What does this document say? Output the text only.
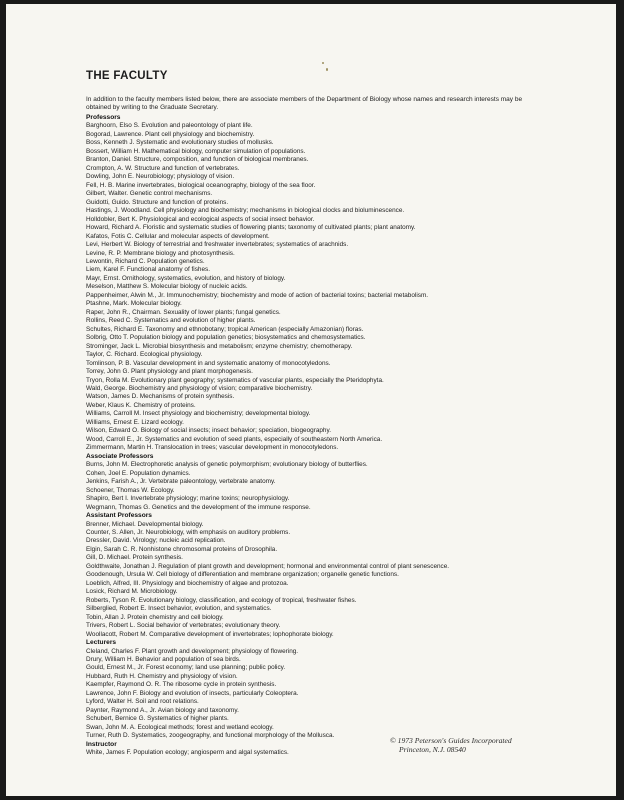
THE FACULTY

In addition to the faculty members listed below, there are associate members of the Department of Biology whose names and research interests may be obtained by writing to the Graduate Secretary.

Professors
Barghoorn, Elso S. Evolution and paleontology of plant life.
Bogorad, Lawrence. Plant cell physiology and biochemistry.
Boss, Kenneth J. Systematic and evolutionary studies of mollusks.
Bossert, William H. Mathematical biology, computer simulation of populations.
Branton, Daniel. Structure, composition, and function of biological membranes.
Crompton, A. W. Structure and function of vertebrates.
Dowling, John E. Neurobiology; physiology of vision.
Fell, H. B. Marine invertebrates, biological oceanography, biology of the sea floor.
Gilbert, Walter. Genetic control mechanisms.
Guidotti, Guido. Structure and function of proteins.
Hastings, J. Woodland. Cell physiology and biochemistry; mechanisms in biological clocks and bioluminescence.
Holldobler, Bert K. Physiological and ecological aspects of social insect behavior.
Howard, Richard A. Floristic and systematic studies of flowering plants; taxonomy of cultivated plants; plant anatomy.
Kafatos, Fotis C. Cellular and molecular aspects of development.
Levi, Herbert W. Biology of terrestrial and freshwater invertebrates; systematics of arachnids.
Levine, R. P. Membrane biology and photosynthesis.
Lewontin, Richard C. Population genetics.
Liem, Karel F. Functional anatomy of fishes.
Mayr, Ernst. Ornithology, systematics, evolution, and history of biology.
Meselson, Matthew S. Molecular biology of nucleic acids.
Pappenheimer, Alwin M., Jr. Immunochemistry; biochemistry and mode of action of bacterial toxins; bacterial metabolism.
Ptashne, Mark. Molecular biology.
Raper, John R., Chairman. Sexuality of lower plants; fungal genetics.
Rollins, Reed C. Systematics and evolution of higher plants.
Schultes, Richard E. Taxonomy and ethnobotany; tropical American (especially Amazonian) floras.
Solbrig, Otto T. Population biology and population genetics; biosystematics and chemosystematics.
Strominger, Jack L. Microbial biosynthesis and metabolism; enzyme chemistry; chemotherapy.
Taylor, C. Richard. Ecological physiology.
Tomlinson, P. B. Vascular development in and systematic anatomy of monocotyledons.
Torrey, John G. Plant physiology and plant morphogenesis.
Tryon, Rolla M. Evolutionary plant geography; systematics of vascular plants, especially the Pteridophyta.
Wald, George. Biochemistry and physiology of vision; comparative biochemistry.
Watson, James D. Mechanisms of protein synthesis.
Weber, Klaus K. Chemistry of proteins.
Williams, Carroll M. Insect physiology and biochemistry; developmental biology.
Williams, Ernest E. Lizard ecology.
Wilson, Edward O. Biology of social insects; insect behavior; speciation, biogeography.
Wood, Carroll E., Jr. Systematics and evolution of seed plants, especially of southeastern North America.
Zimmermann, Martin H. Translocation in trees; vascular development in monocotyledons.
Associate Professors
Burns, John M. Electrophoretic analysis of genetic polymorphism; evolutionary biology of butterflies.
Cohen, Joel E. Population dynamics.
Jenkins, Farish A., Jr. Vertebrate paleontology, vertebrate anatomy.
Schoener, Thomas W. Ecology.
Shapiro, Bert I. Invertebrate physiology; marine toxins; neurophysiology.
Wegmann, Thomas G. Genetics and the development of the immune response.
Assistant Professors
Brenner, Michael. Developmental biology.
Counter, S. Allen, Jr. Neurobiology, with emphasis on auditory problems.
Dressler, David. Virology; nucleic acid replication.
Elgin, Sarah C. R. Nonhistone chromosomal proteins of Drosophila.
Gill, D. Michael. Protein synthesis.
Goldthwaite, Jonathan J. Regulation of plant growth and development; hormonal and environmental control of plant senescence.
Goodenough, Ursula W. Cell biology of differentiation and membrane organization; organelle genetic functions.
Loeblich, Alfred, III. Physiology and biochemistry of algae and protozoa.
Losick, Richard M. Microbiology.
Roberts, Tyson R. Evolutionary biology, classification, and ecology of tropical, freshwater fishes.
Silberglied, Robert E. Insect behavior, evolution, and systematics.
Tobin, Allan J. Protein chemistry and cell biology.
Trivers, Robert L. Social behavior of vertebrates; evolutionary theory.
Woollacott, Robert M. Comparative development of invertebrates; lophophorate biology.
Lecturers
Cleland, Charles F. Plant growth and development; physiology of flowering.
Drury, William H. Behavior and population of sea birds.
Gould, Ernest M., Jr. Forest economy; land use planning; public policy.
Hubbard, Ruth H. Chemistry and physiology of vision.
Kaempfer, Raymond O. R. The ribosome cycle in protein synthesis.
Lawrence, John F. Biology and evolution of insects, particularly Coleoptera.
Lyford, Walter H. Soil and root relations.
Paynter, Raymond A., Jr. Avian biology and taxonomy.
Schubert, Bernice G. Systematics of higher plants.
Swan, John M. A. Ecological methods; forest and wetland ecology.
Turner, Ruth D. Systematics, zoogeography, and functional morphology of the Mollusca.
Instructor
White, James F. Population ecology; angiosperm and algal systematics.
© 1973 Peterson's Guides Incorporated
Princeton, N.J. 08540
